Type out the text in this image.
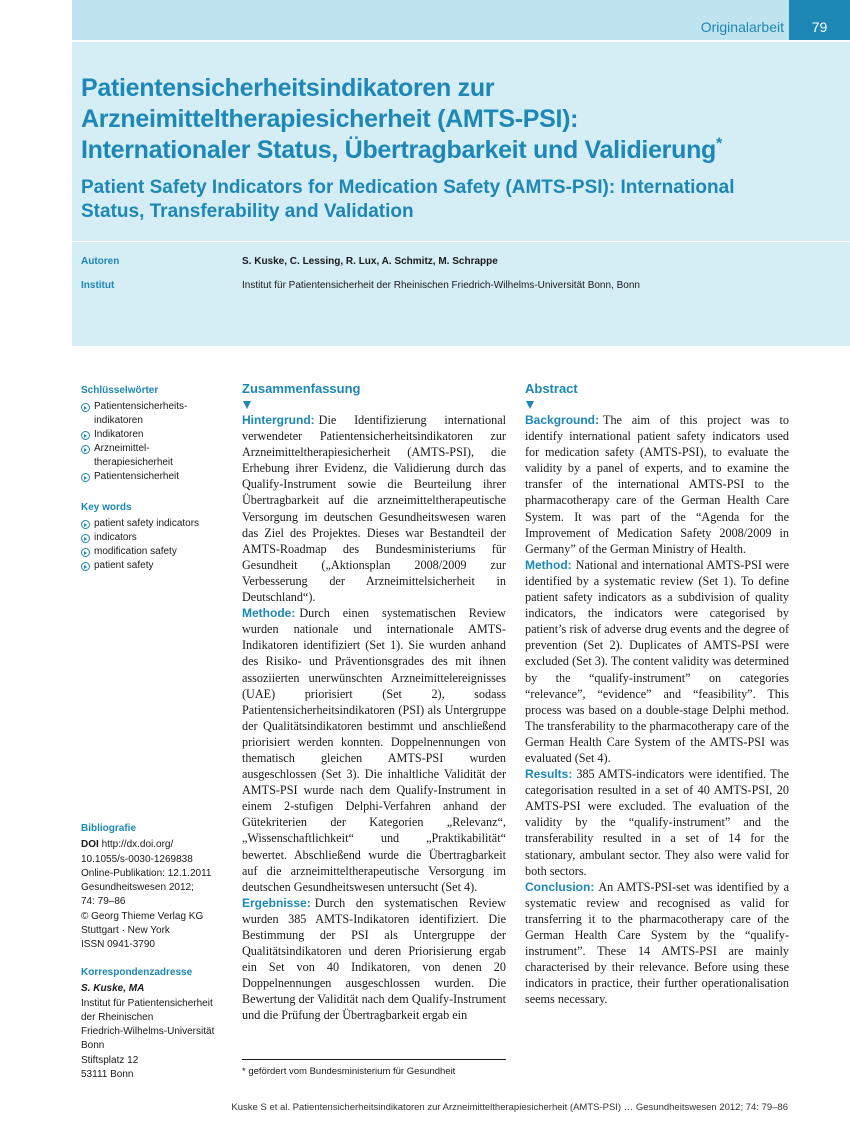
Originalarbeit	79
Patientensicherheitsindikatoren zur
Arzneimitteltherapiesicherheit (AMTS-PSI):
Internationaler Status, Übertragbarkeit und Validierung*
Patient Safety Indicators for Medication Safety (AMTS-PSI): International
Status, Transferability and Validation
Autoren	S. Kuske, C. Lessing, R. Lux, A. Schmitz, M. Schrappe
Institut	Institut für Patientensicherheit der Rheinischen Friedrich-Wilhelms-Universität Bonn, Bonn
Schlüsselwörter
Patientensicherheits-
indikatoren
Indikatoren
Arzneimittel-
therapiesicherheit
Patientensicherheit
Key words
patient safety indicators
indicators
modification safety
patient safety
Bibliografie
DOI http://dx.doi.org/
10.1055/s-0030-1269838
Online-Publikation: 12.1.2011
Gesundheitswesen 2012;
74: 79–86
© Georg Thieme Verlag KG
Stuttgart · New York
ISSN 0941-3790
Korrespondenzadresse
S. Kuske, MA
Institut für Patientensicherheit
der Rheinischen
Friedrich-Wilhelms-Universität
Bonn
Stiftsplatz 12
53111 Bonn
Zusammenfassung

Hintergrund: Die Identifizierung international verwendeter Patientensicherheitsindikatoren zur Arzneimitteltherapiesicherheit (AMTS-PSI), die Erhebung ihrer Evidenz, die Validierung durch das Qualify-Instrument sowie die Beurteilung ihrer Übertragbarkeit auf die arzneimitteltherapeutische Versorgung im deutschen Gesundheitswesen waren das Ziel des Projektes. Dieses war Bestandteil der AMTS-Roadmap des Bundesministeriums für Gesundheit („Aktionsplan 2008/2009 zur Verbesserung der Arzneimittelsicherheit in Deutschland“).

Methode: Durch einen systematischen Review wurden nationale und internationale AMTS-Indikatoren identifiziert (Set 1). Sie wurden anhand des Risiko- und Präventionsgrades des mit ihnen assoziierten unerwünschten Arzneimittelereignisses (UAE) priorisiert (Set 2), sodass Patientensicherheitsindikatoren (PSI) als Untergruppe der Qualitätsindikatoren bestimmt und anschließend priorisiert werden konnten. Doppelnennungen von thematisch gleichen AMTS-PSI wurden ausgeschlossen (Set 3). Die inhaltliche Validität der AMTS-PSI wurde nach dem Qualify-Instrument in einem 2-stufigen Delphi-Verfahren anhand der Gütekriterien der Kategorien „Relevanz“, „Wissenschaftlichkeit“ und „Praktikabilität“ bewertet. Abschließend wurde die Übertragbarkeit auf die arzneimitteltherapeutische Versorgung im deutschen Gesundheitswesen untersucht (Set 4).

Ergebnisse: Durch den systematischen Review wurden 385 AMTS-Indikatoren identifiziert. Die Bestimmung der PSI als Untergruppe der Qualitätsindikatoren und deren Priorisierung ergab ein Set von 40 Indikatoren, von denen 20 Doppelnennungen ausgeschlossen wurden. Die Bewertung der Validität nach dem Qualify-Instrument und die Prüfung der Übertragbarkeit ergab ein

Abstract

Background: The aim of this project was to identify international patient safety indicators used for medication safety (AMTS-PSI), to evaluate the validity by a panel of experts, and to examine the transfer of the international AMTS-PSI to the pharmacotherapy care of the German Health Care System. It was part of the “Agenda for the Improvement of Medication Safety 2008/2009 in Germany” of the German Ministry of Health.

Method: National and international AMTS-PSI were identified by a systematic review (Set 1). To define patient safety indicators as a subdivision of quality indicators, the indicators were categorised by patient’s risk of adverse drug events and the degree of prevention (Set 2). Duplicates of AMTS-PSI were excluded (Set 3). The content validity was determined by the “qualify-instrument” on categories “relevance”, “evidence” and “feasibility”. This process was based on a double-stage Delphi method. The transferability to the pharmacotherapy care of the German Health Care System of the AMTS-PSI was evaluated (Set 4).

Results: 385 AMTS-indicators were identified. The categorisation resulted in a set of 40 AMTS-PSI, 20 AMTS-PSI were excluded. The evaluation of the validity by the “qualify-instrument” and the transferability resulted in a set of 14 for the stationary, ambulant sector. They also were valid for both sectors.

Conclusion: An AMTS-PSI-set was identified by a systematic review and recognised as valid for transferring it to the pharmacotherapy care of the German Health Care System by the “qualify-instrument”. These 14 AMTS-PSI are mainly characterised by their relevance. Before using these indicators in practice, their further operationalisation seems necessary.

* gefördert vom Bundesministerium für Gesundheit
Kuske S et al. Patientensicherheitsindikatoren zur Arzneimitteltherapiesicherheit (AMTS-PSI) … Gesundheitswesen 2012; 74: 79–86
